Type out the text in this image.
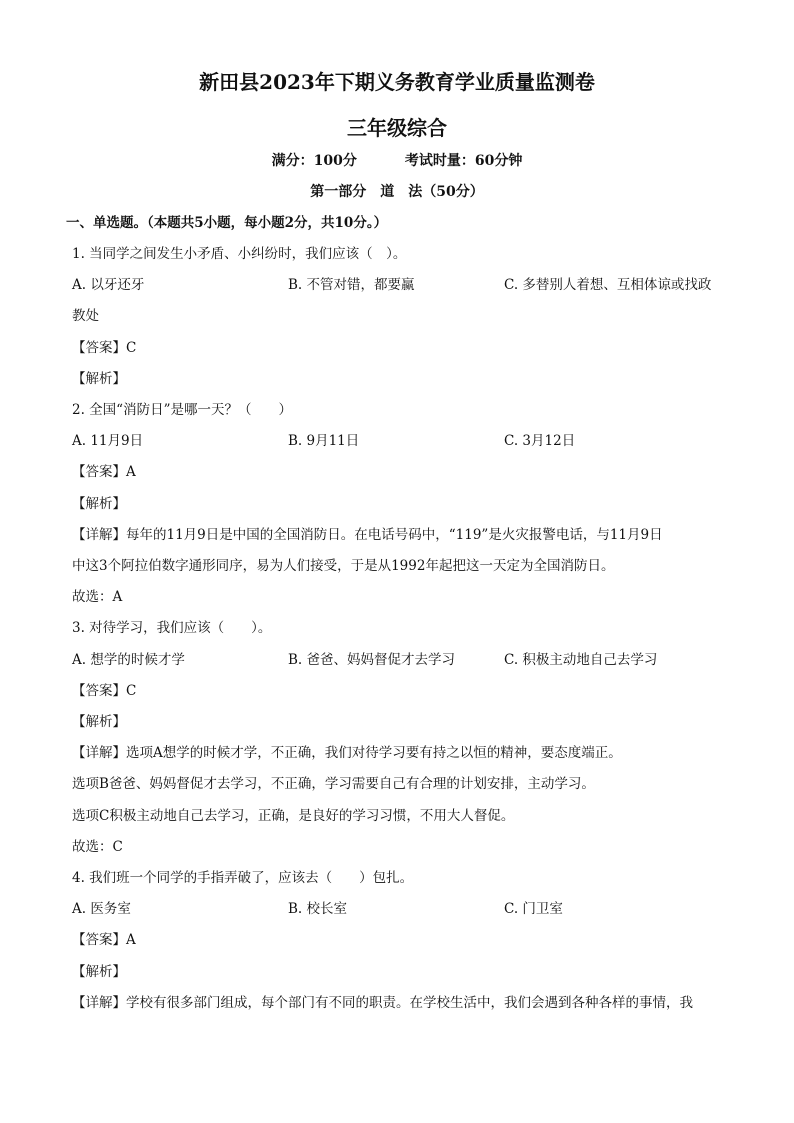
新田县2023年下期义务教育学业质量监测卷
三年级综合
满分：100分	考试时量：60分钟
第一部分　道　法（50分）
一、单选题。（本题共5小题，每小题2分，共10分。）
1. 当同学之间发生小矛盾、小纠纷时，我们应该（　）。
A. 以牙还牙	B. 不管对错，都要赢	C. 多替别人着想、互相体谅或找政
教处
【答案】C
【解析】
2. 全国“消防日”是哪一天？（　　）
A. 11月9日	B. 9月11日	C. 3月12日
【答案】A
【解析】
【详解】每年的11月9日是中国的全国消防日。在电话号码中，“119”是火灾报警电话，与11月9日
中这3个阿拉伯数字通形同序，易为人们接受，于是从1992年起把这一天定为全国消防日。
故选：A
3. 对待学习，我们应该（　　）。
A. 想学的时候才学	B. 爸爸、妈妈督促才去学习	C. 积极主动地自己去学习
【答案】C
【解析】
【详解】选项A想学的时候才学，不正确，我们对待学习要有持之以恒的精神，要态度端正。
选项B爸爸、妈妈督促才去学习，不正确，学习需要自己有合理的计划安排，主动学习。
选项C积极主动地自己去学习，正确，是良好的学习习惯，不用大人督促。
故选：C
4. 我们班一个同学的手指弄破了，应该去（　　）包扎。
A. 医务室	B. 校长室	C. 门卫室
【答案】A
【解析】
【详解】学校有很多部门组成，每个部门有不同的职责。在学校生活中，我们会遇到各种各样的事情，我
